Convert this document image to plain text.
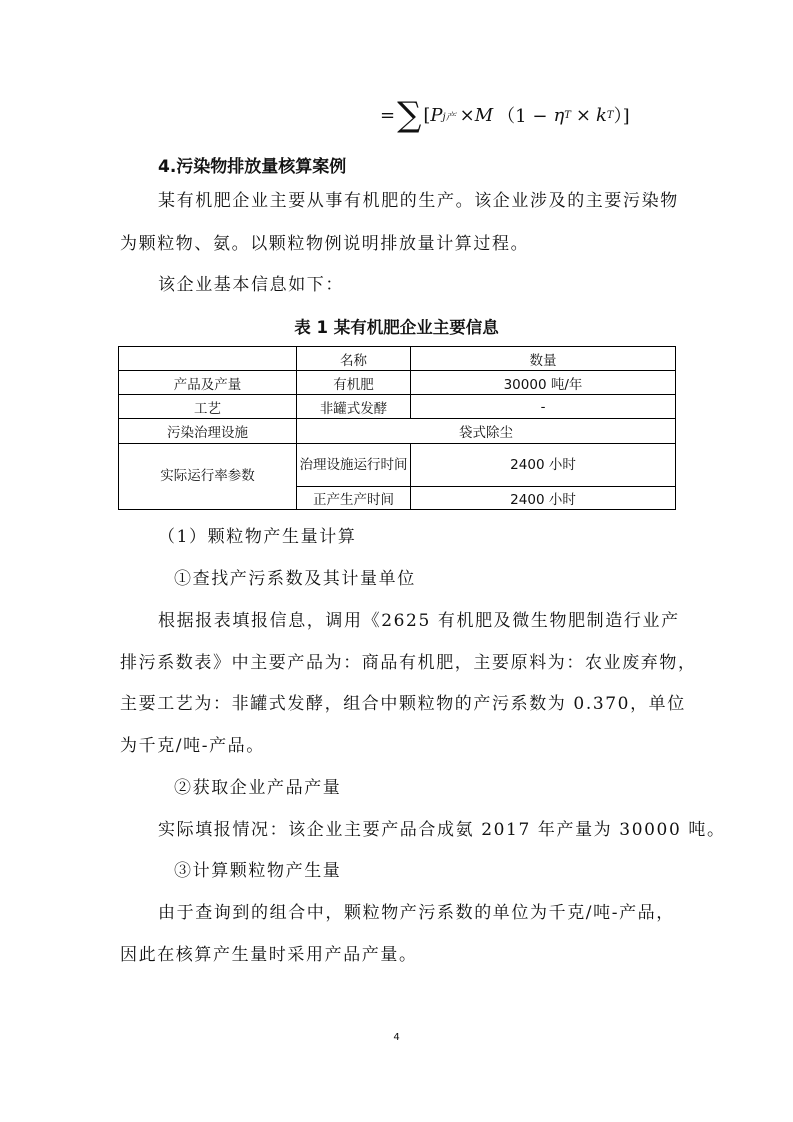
= ∑ [ P j产 × M （1 − η T × k T ）]
4.污染物排放量核算案例
某有机肥企业主要从事有机肥的生产。该企业涉及的主要污染物
为颗粒物、氨。以颗粒物例说明排放量计算过程。
该企业基本信息如下：
表 1 某有机肥企业主要信息
	名称	数量
产品及产量	有机肥	30000 吨/年
工艺	非罐式发酵	-
污染治理设施	袋式除尘	
实际运行率参数	治理设施运行时间	2400 小时
	正产生产时间	2400 小时
（1）颗粒物产生量计算
①查找产污系数及其计量单位
根据报表填报信息，调用《2625 有机肥及微生物肥制造行业产
排污系数表》中主要产品为：商品有机肥，主要原料为：农业废弃物，
主要工艺为：非罐式发酵，组合中颗粒物的产污系数为 0.370，单位
为千克/吨-产品。
②获取企业产品产量
实际填报情况：该企业主要产品合成氨 2017 年产量为 30000 吨。
③计算颗粒物产生量
由于查询到的组合中，颗粒物产污系数的单位为千克/吨-产品，
因此在核算产生量时采用产品产量。
4
